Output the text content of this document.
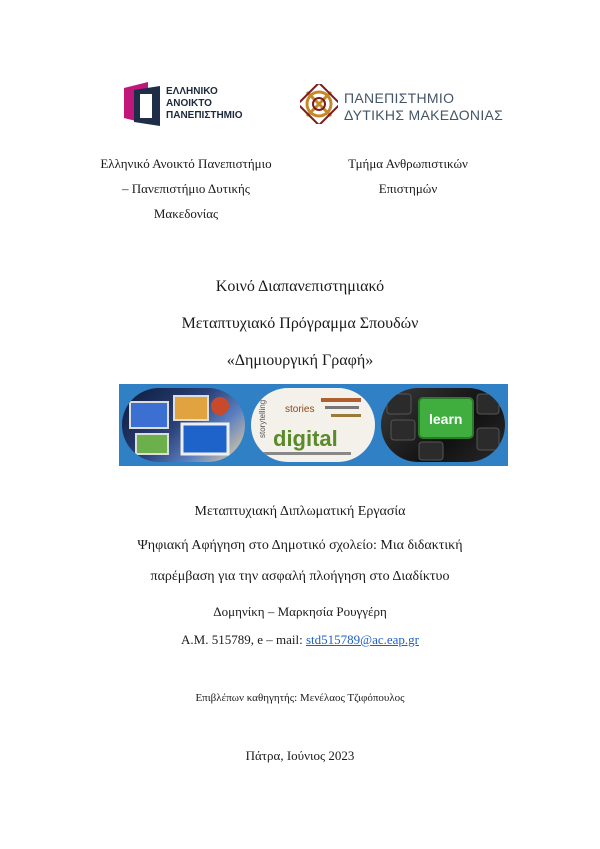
ΕΛΛΗΝΙΚΟ
ΑΝΟΙΚΤΟ
ΠΑΝΕΠΙΣΤΗΜΙΟ
ΠΑΝΕΠΙΣΤΗΜΙΟ
ΔΥΤΙΚΗΣ ΜΑΚΕΔΟΝΙΑΣ
Ελληνικό Ανοικτό Πανεπιστήμιο
– Πανεπιστήμιο Δυτικής
Μακεδονίας
Τμήμα Ανθρωπιστικών
Επιστημών
Κοινό Διαπανεπιστημιακό
Μεταπτυχιακό Πρόγραμμα Σπουδών
«Δημιουργική Γραφή»
stories
storytelling
digital
learn
Μεταπτυχιακή Διπλωματική Εργασία
Ψηφιακή Αφήγηση στο Δημοτικό σχολείο: Μια διδακτική
παρέμβαση για την ασφαλή πλοήγηση στο Διαδίκτυο
Δομηνίκη – Μαρκησία Ρουγγέρη
Α.Μ. 515789, e – mail: std515789@ac.eap.gr
Επιβλέπων καθηγητής: Μενέλαος Τζιφόπουλος
Πάτρα, Ιούνιος 2023
